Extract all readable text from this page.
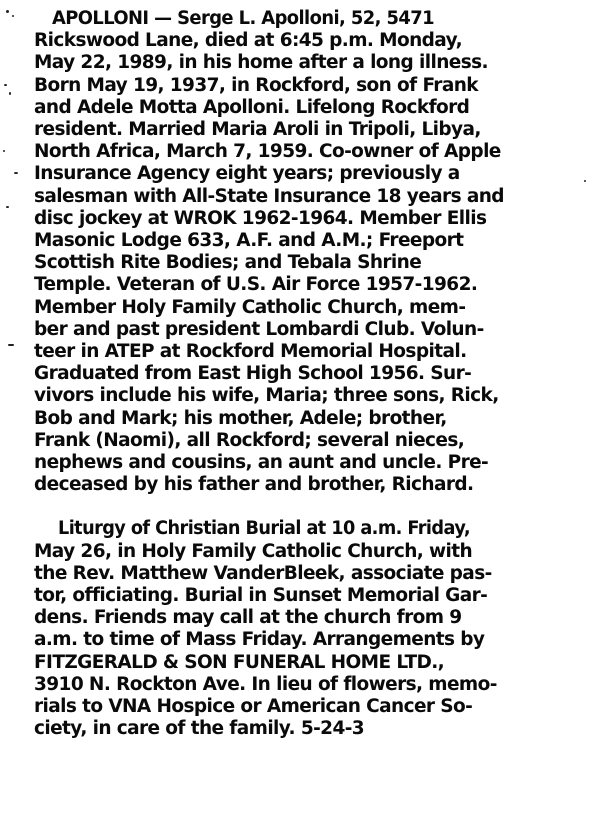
APOLLONI — Serge L. Apolloni, 52, 5471
Rickswood Lane, died at 6:45 p.m. Monday,
May 22, 1989, in his home after a long illness.
Born May 19, 1937, in Rockford, son of Frank
and Adele Motta Apolloni. Lifelong Rockford
resident. Married Maria Aroli in Tripoli, Libya,
North Africa, March 7, 1959. Co-owner of Apple
Insurance Agency eight years; previously a
salesman with All-State Insurance 18 years and
disc jockey at WROK 1962-1964. Member Ellis
Masonic Lodge 633, A.F. and A.M.; Freeport
Scottish Rite Bodies; and Tebala Shrine
Temple. Veteran of U.S. Air Force 1957-1962.
Member Holy Family Catholic Church, mem-
ber and past president Lombardi Club. Volun-
teer in ATEP at Rockford Memorial Hospital.
Graduated from East High School 1956. Sur-
vivors include his wife, Maria; three sons, Rick,
Bob and Mark; his mother, Adele; brother,
Frank (Naomi), all Rockford; several nieces,
nephews and cousins, an aunt and uncle. Pre-
deceased by his father and brother, Richard.
Liturgy of Christian Burial at 10 a.m. Friday,
May 26, in Holy Family Catholic Church, with
the Rev. Matthew VanderBleek, associate pas-
tor, officiating. Burial in Sunset Memorial Gar-
dens. Friends may call at the church from 9
a.m. to time of Mass Friday. Arrangements by
FITZGERALD & SON FUNERAL HOME LTD.,
3910 N. Rockton Ave. In lieu of flowers, memo-
rials to VNA Hospice or American Cancer So-
ciety, in care of the family. 5-24-3
